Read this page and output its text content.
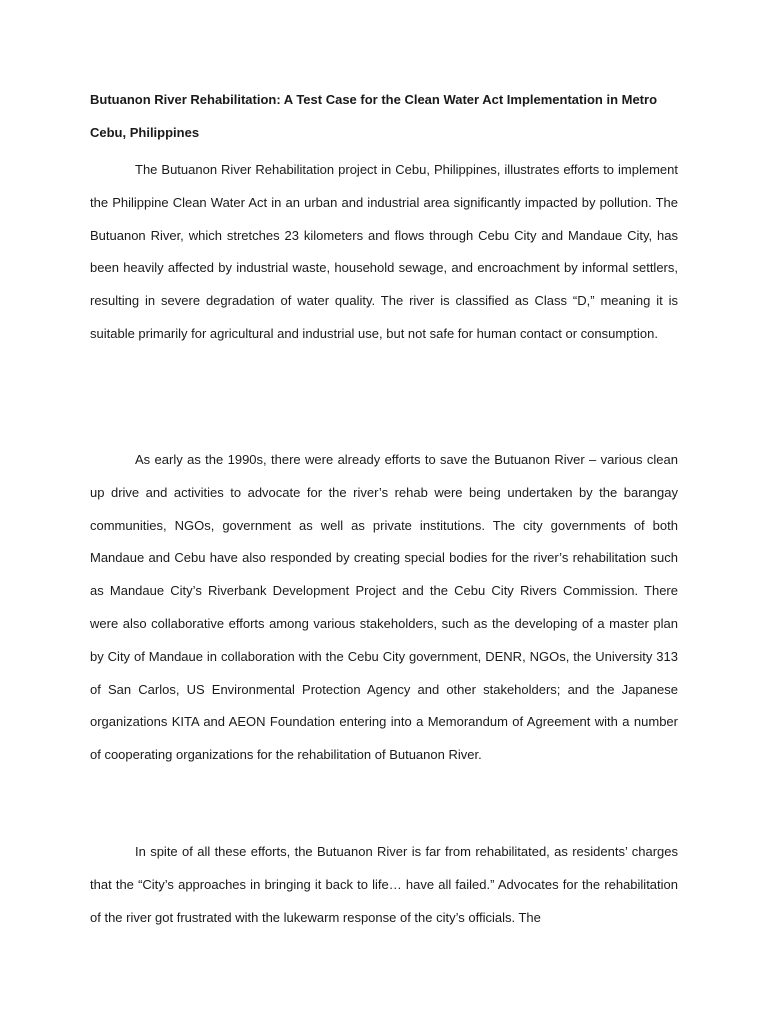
Butuanon River Rehabilitation: A Test Case for the Clean Water Act Implementation in Metro Cebu, Philippines

The Butuanon River Rehabilitation project in Cebu, Philippines, illustrates efforts to implement the Philippine Clean Water Act in an urban and industrial area significantly impacted by pollution. The Butuanon River, which stretches 23 kilometers and flows through Cebu City and Mandaue City, has been heavily affected by industrial waste, household sewage, and encroachment by informal settlers, resulting in severe degradation of water quality. The river is classified as Class “D,” meaning it is suitable primarily for agricultural and industrial use, but not safe for human contact or consumption.

As early as the 1990s, there were already efforts to save the Butuanon River – various clean up drive and activities to advocate for the river’s rehab were being undertaken by the barangay communities, NGOs, government as well as private institutions. The city governments of both Mandaue and Cebu have also responded by creating special bodies for the river’s rehabilitation such as Mandaue City’s Riverbank Development Project and the Cebu City Rivers Commission. There were also collaborative efforts among various stakeholders, such as the developing of a master plan by City of Mandaue in collaboration with the Cebu City government, DENR, NGOs, the University 313 of San Carlos, US Environmental Protection Agency and other stakeholders; and the Japanese organizations KITA and AEON Foundation entering into a Memorandum of Agreement with a number of cooperating organizations for the rehabilitation of Butuanon River.

In spite of all these efforts, the Butuanon River is far from rehabilitated, as residents’ charges that the “City’s approaches in bringing it back to life… have all failed.” Advocates for the rehabilitation of the river got frustrated with the lukewarm response of the city’s officials. The
